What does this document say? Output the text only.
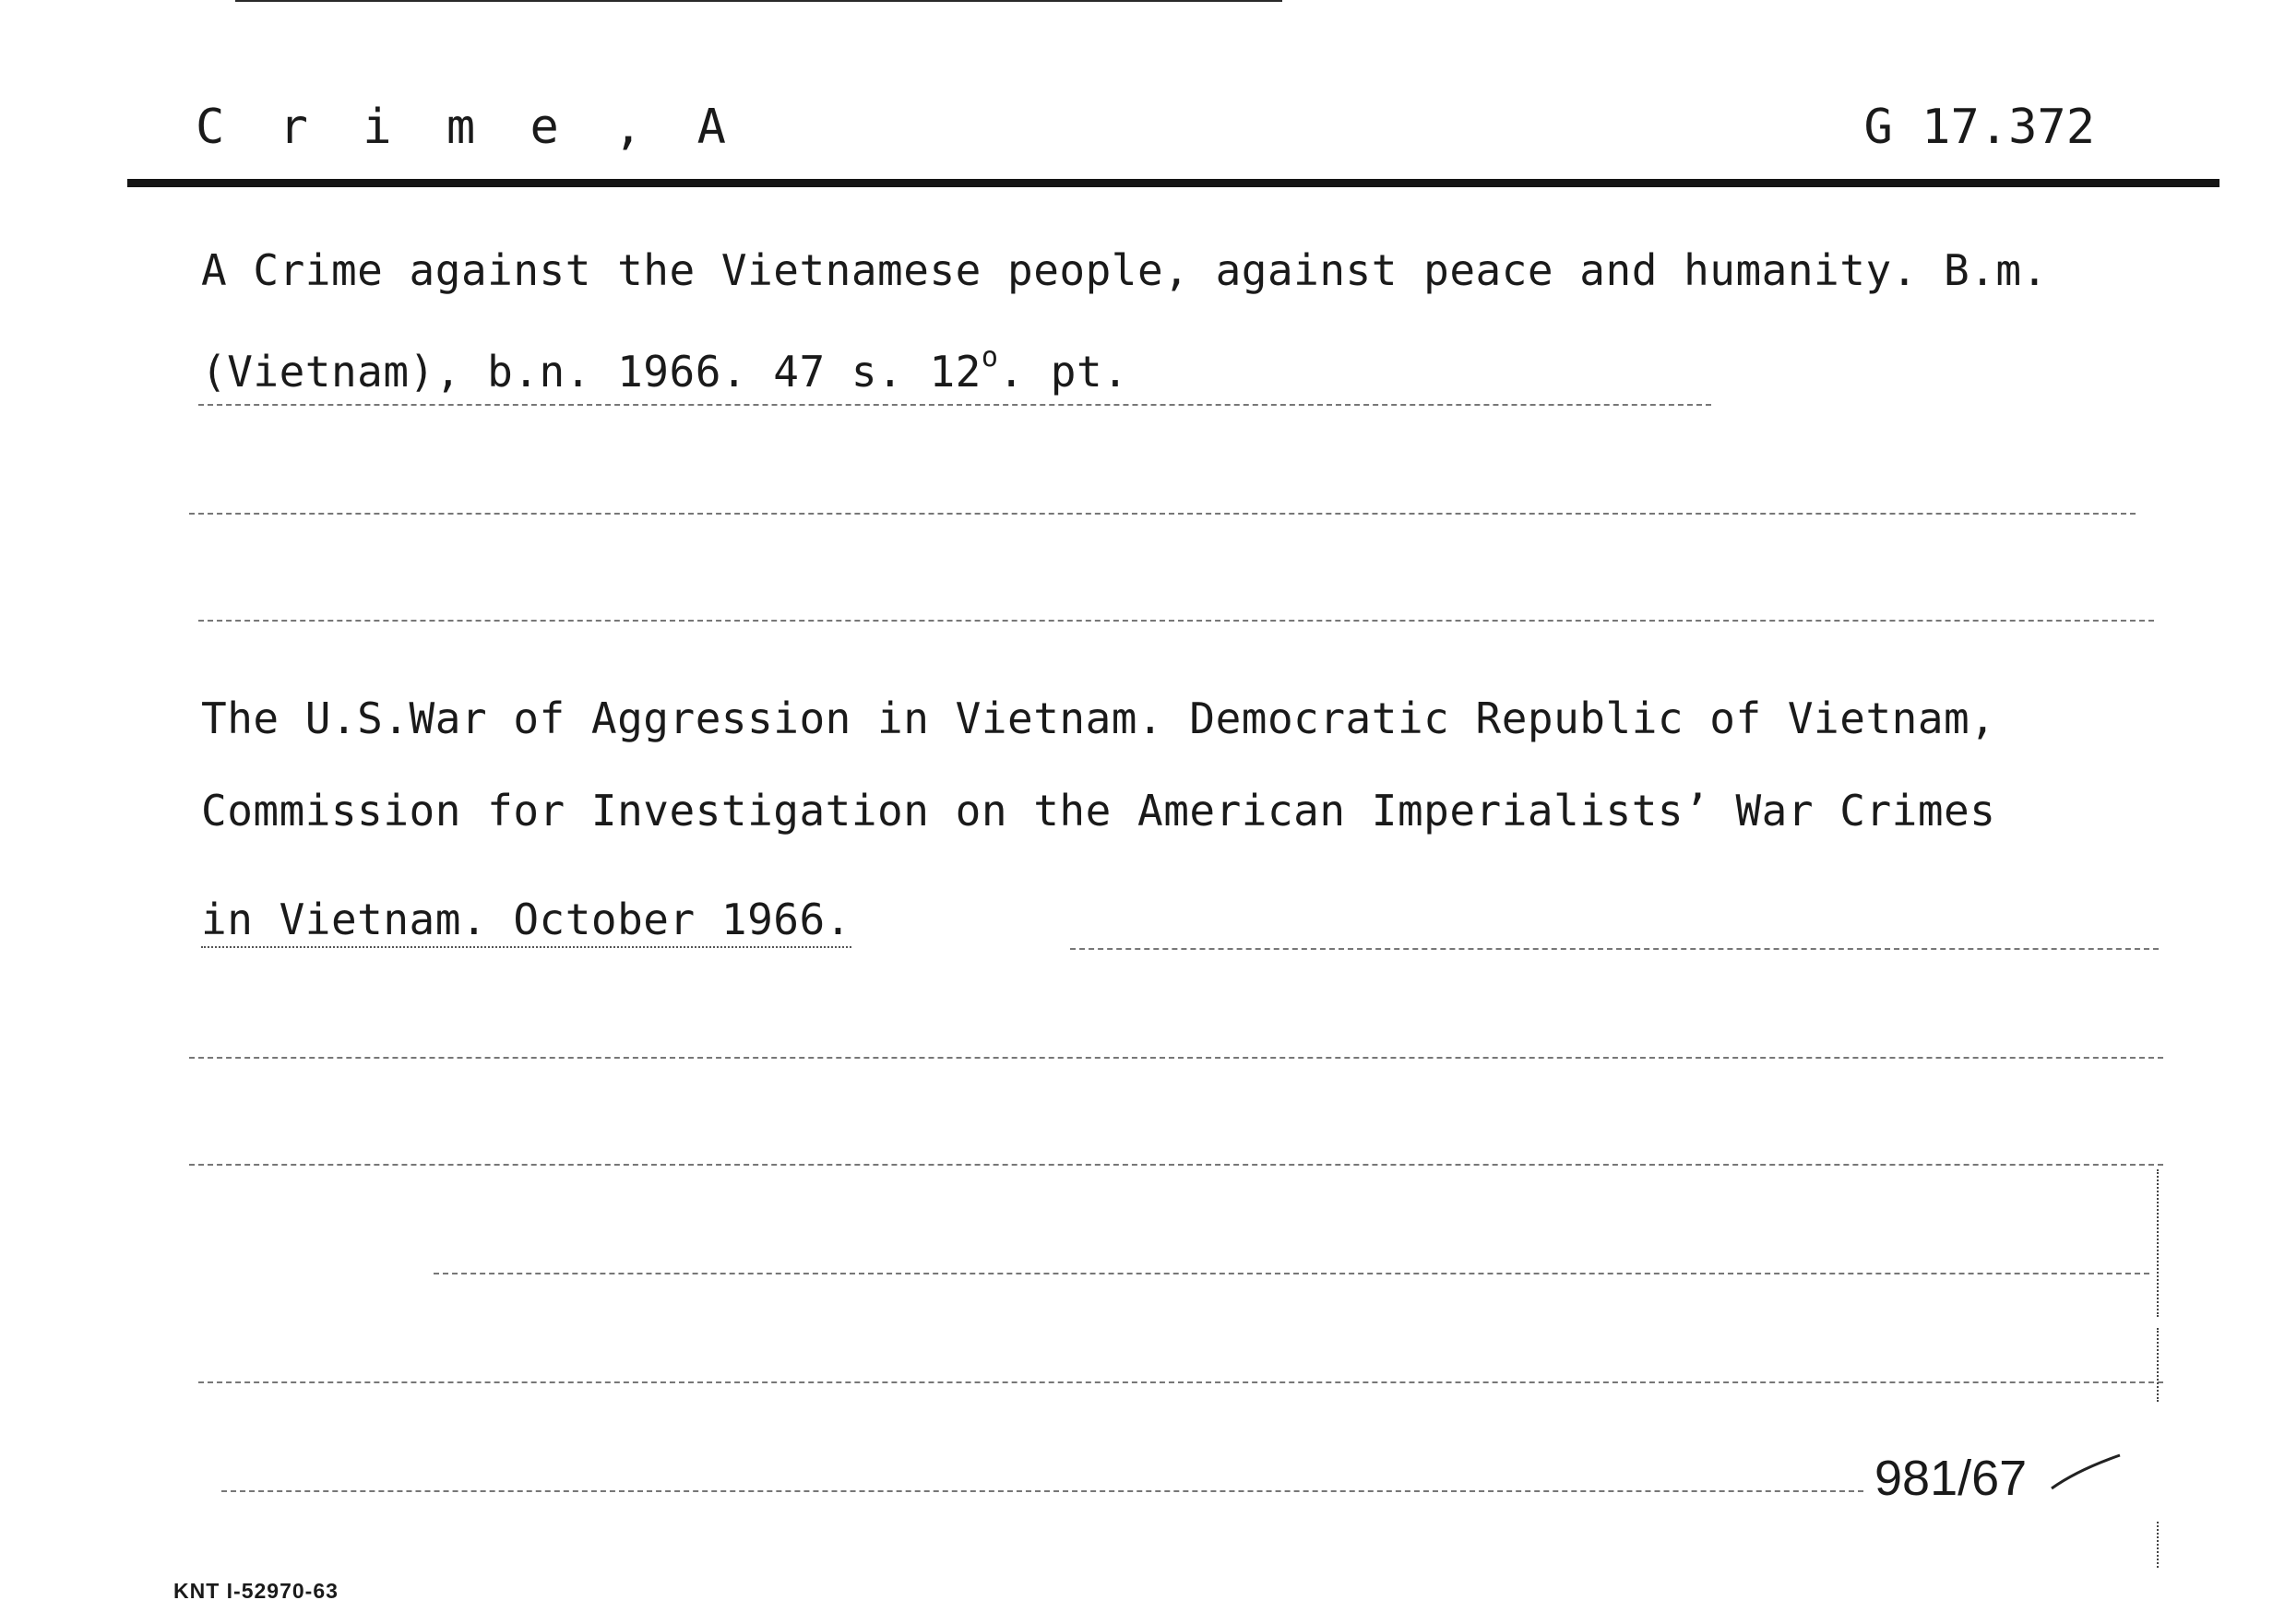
C r i m e , A	G 17.372
A Crime against the Vietnamese people, against peace and humanity. B.m.
(Vietnam), b.n. 1966. 47 s. 12$^o$. pt.
The U.S.War of Aggression in Vietnam. Democratic Republic of Vietnam,
Commission for Investigation on the American Imperialists’ War Crimes
in Vietnam. October 1966.
981/67
KNT I-52970-63
